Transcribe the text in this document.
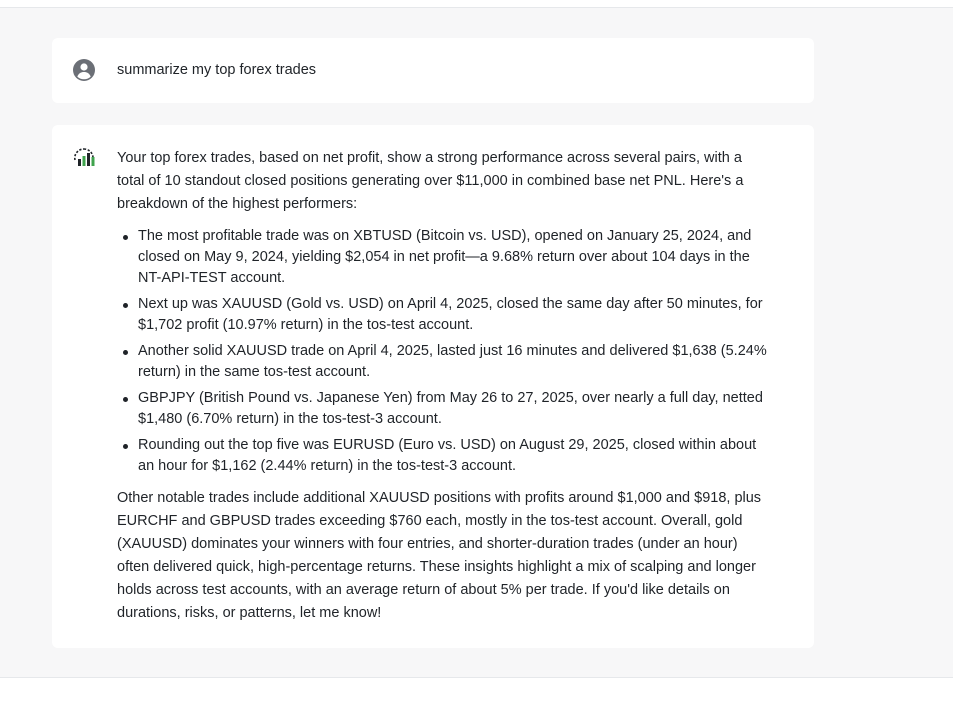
summarize my top forex trades

Your top forex trades, based on net profit, show a strong performance across several pairs, with a total of 10 standout closed positions generating over $11,000 in combined base net PNL. Here's a breakdown of the highest performers:

The most profitable trade was on XBTUSD (Bitcoin vs. USD), opened on January 25, 2024, and closed on May 9, 2024, yielding $2,054 in net profit—a 9.68% return over about 104 days in the NT-API-TEST account.
Next up was XAUUSD (Gold vs. USD) on April 4, 2025, closed the same day after 50 minutes, for $1,702 profit (10.97% return) in the tos-test account.
Another solid XAUUSD trade on April 4, 2025, lasted just 16 minutes and delivered $1,638 (5.24% return) in the same tos-test account.
GBPJPY (British Pound vs. Japanese Yen) from May 26 to 27, 2025, over nearly a full day, netted $1,480 (6.70% return) in the tos-test-3 account.
Rounding out the top five was EURUSD (Euro vs. USD) on August 29, 2025, closed within about an hour for $1,162 (2.44% return) in the tos-test-3 account.

Other notable trades include additional XAUUSD positions with profits around $1,000 and $918, plus EURCHF and GBPUSD trades exceeding $760 each, mostly in the tos-test account. Overall, gold (XAUUSD) dominates your winners with four entries, and shorter-duration trades (under an hour) often delivered quick, high-percentage returns. These insights highlight a mix of scalping and longer holds across test accounts, with an average return of about 5% per trade. If you'd like details on durations, risks, or patterns, let me know!
